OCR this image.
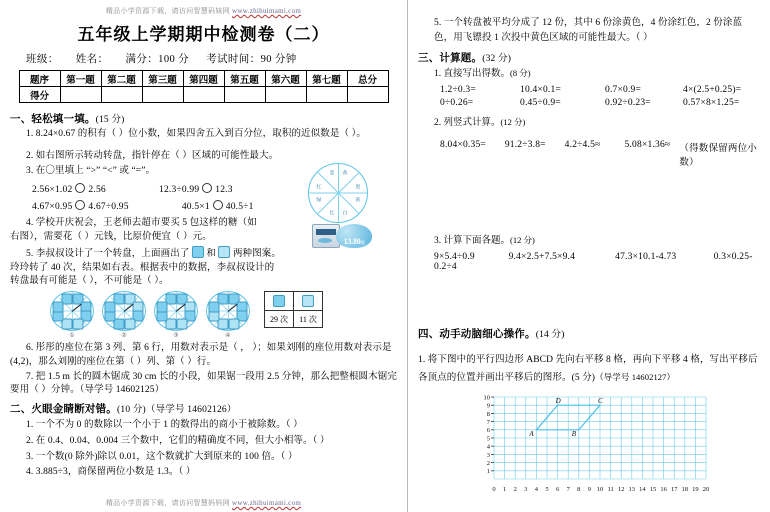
精品小学资源下载，请访问智慧码妹网 www.zhihuimami.com
五年级上学期期中检测卷（二）
班级： 姓名： 满分：100 分 考试时间：90 分钟
题序	第一题	第二题	第三题	第四题	第五题	第六题	第七题	总分
得分								
一、轻松填一填。(15 分)
1. 8.24×0.67 的积有（ ）位小数，如果四舍五入到百分位，取积的近似数是（ ）。
2. 如右图所示转动转盘，指针停在（ ）区域的可能性最大。
3. 在〇里填上 “>” “<” 或 “=”。
2.56×1.02 2.56	12.3÷0.99 12.3
4.67×0.95 4.67÷0.95	40.5×1 40.5÷1
4. 学校开庆祝会，王老师去超市要买 5 包这样的糖（如右图），需要花（ ）元钱，比原价便宜（ ）元。
5. 李叔叔设计了一个转盘，上面画出了 和 两种图案。玲玲转了 40 次，结果如右表。根据表中的数据，李叔叔设计的转盘最有可能是（ ），不可能是（ ）。
蓝 黄
黑
黄
白
红
绿
红
13.80元
①	②	③	④

29 次	11 次
6. 彤彤的座位在第 3 列、第 6 行，用数对表示是（ ， ）；如果刘刚的座位用数对表示是(4,2)，那么刘刚的座位在第（ ）列、第（ ）行。
7. 把 1.5 m 长的圆木锯成 30 cm 长的小段，如果锯一段用 2.5 分钟，那么把整根圆木锯完要用（ ）分钟。（导学号 14602125）
二、火眼金睛断对错。(10 分)（导学号 14602126）
1. 一个不为 0 的数除以一个小于 1 的数得出的商小于被除数。（ ）
2. 在 0.4、0.04、0.004 三个数中，它们的精确度不同，但大小相等。（ ）
3. 一个数(0 除外)除以 0.01，这个数就扩大到原来的 100 倍。（ ）
4. 3.885÷3，商保留两位小数是 1.3。（ ）
精品小学资源下载，请访问智慧妈妈网 www.zhihuimami.com
5. 一个转盘被平均分成了 12 份，其中 6 份涂黄色，4 份涂红色，2 份涂蓝色，用飞镖投 1 次投中黄色区域的可能性最大。（ ）
三、计算题。(32 分)
1. 直接写出得数。(8 分)
1.2÷0.3=	10.4×0.1=	0.7×0.9=	4×(2.5+0.25)=
0÷0.26=	0.45÷0.9=	0.92÷0.23=	0.57×8×1.25=
2. 列竖式计算。(12 分)
8.04×0.35=	91.2÷3.8=	4.2÷4.5≈	5.08×1.36≈ （得数保留两位小数）
3. 计算下面各题。(12 分)
9×5.4÷0.9	9.4×2.5+7.5×9.4	47.3×10.1-4.73	0.3×0.25-0.2÷4
四、动手动脑细心操作。(14 分)
1. 将下图中的平行四边形 ABCD 先向右平移 8 格，再向下平移 4 格，写出平移后各顶点的位置并画出平移后的图形。(5 分)（导学号 14602127）
1
2
3
4
5
6
7
8
9
10
0 1 2 3 4 5 6 7 8 9 10 11 12 13 14 15 16 17 18 19 20
A	B
C
D
